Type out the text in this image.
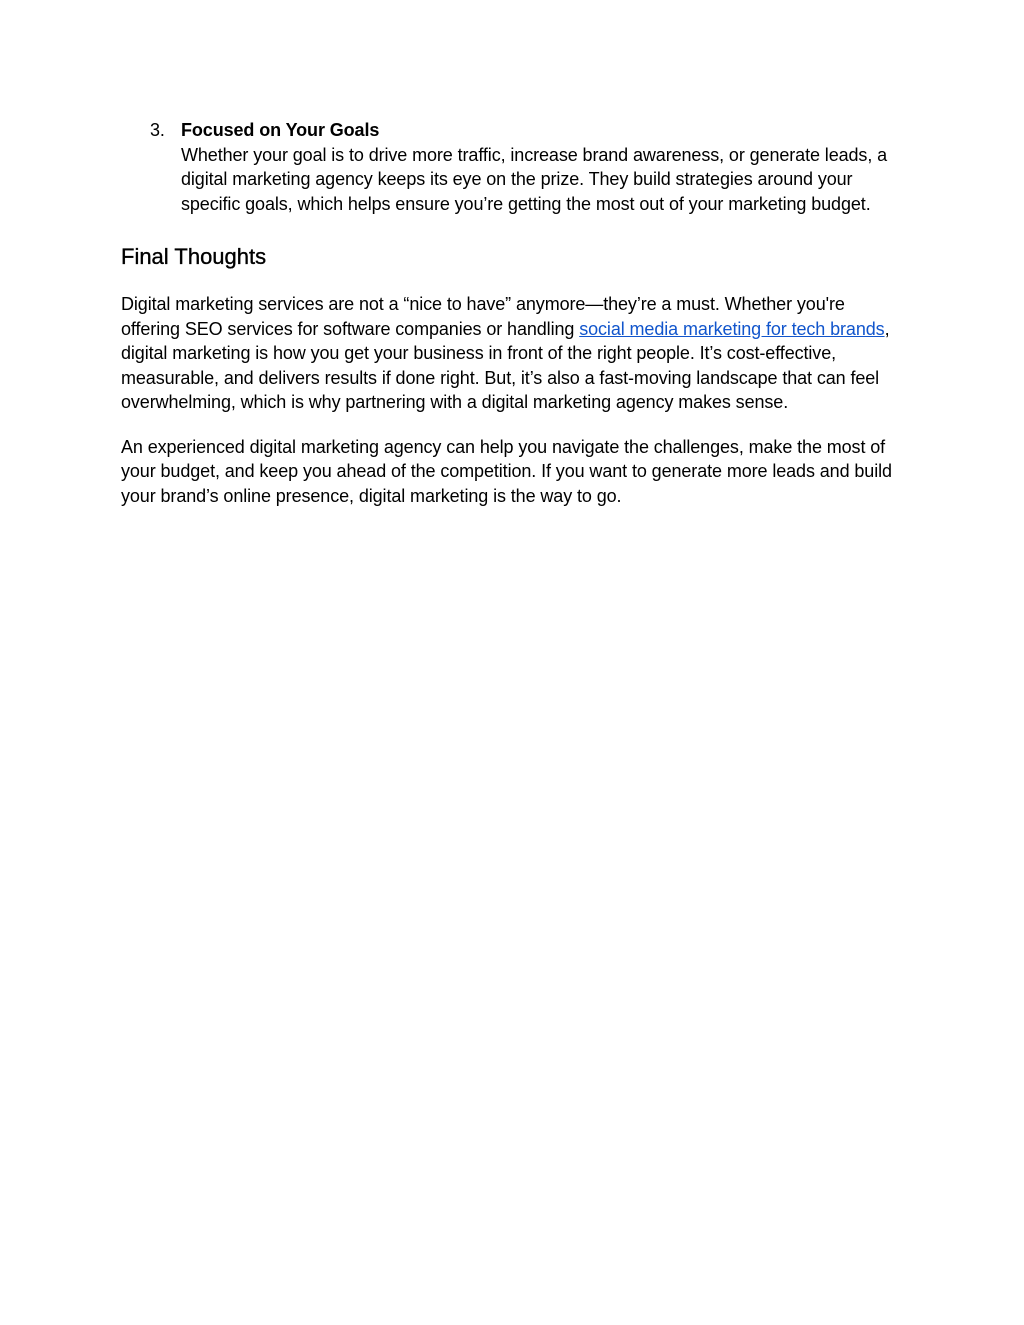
3. Focused on Your Goals
Whether your goal is to drive more traffic, increase brand awareness, or generate leads, a digital marketing agency keeps its eye on the prize. They build strategies around your specific goals, which helps ensure you’re getting the most out of your marketing budget.
Final Thoughts

Digital marketing services are not a “nice to have” anymore—they’re a must. Whether you're offering SEO services for software companies or handling social media marketing for tech brands, digital marketing is how you get your business in front of the right people. It’s cost-effective, measurable, and delivers results if done right. But, it’s also a fast-moving landscape that can feel overwhelming, which is why partnering with a digital marketing agency makes sense.

An experienced digital marketing agency can help you navigate the challenges, make the most of your budget, and keep you ahead of the competition. If you want to generate more leads and build your brand’s online presence, digital marketing is the way to go.
